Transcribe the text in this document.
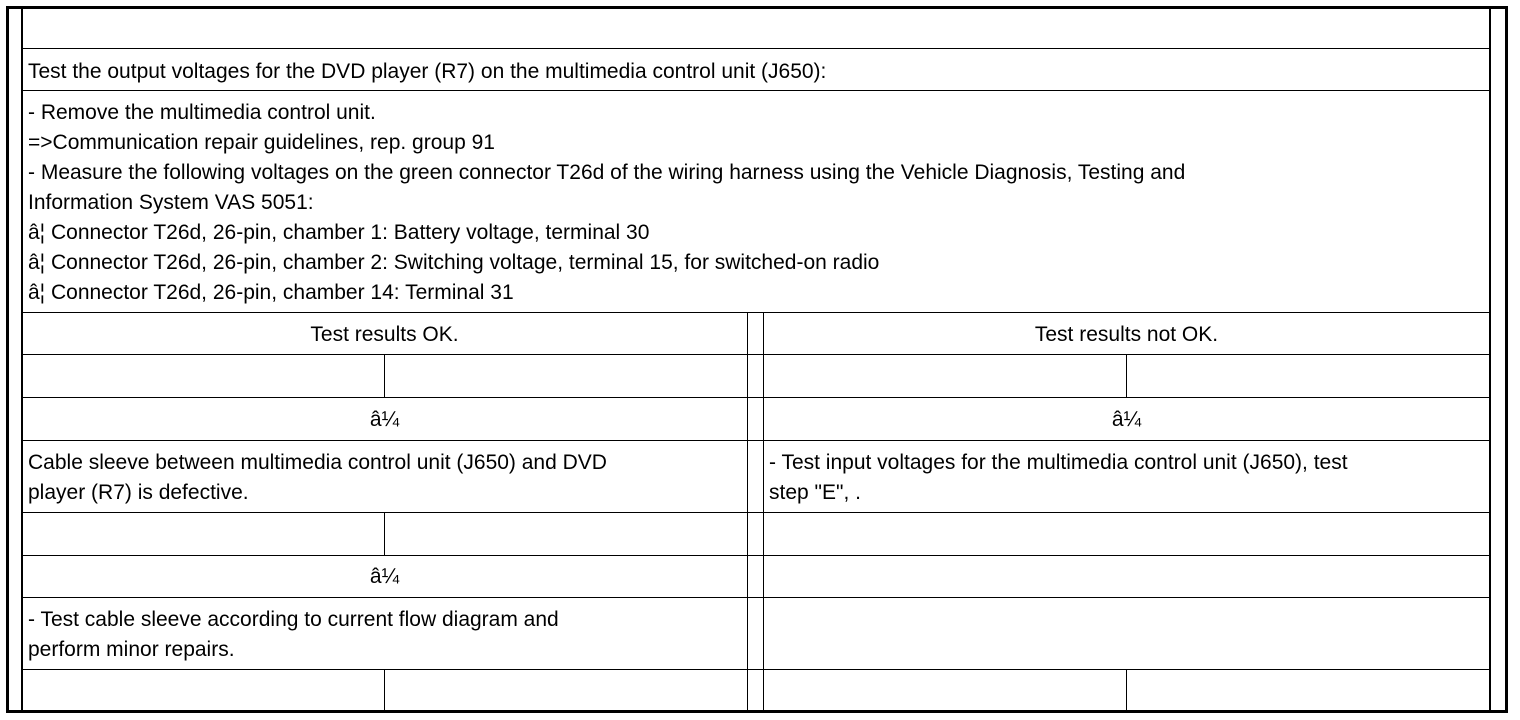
Test the output voltages for the DVD player (R7) on the multimedia control unit (J650):
- Remove the multimedia control unit.
=>Communication repair guidelines, rep. group 91
- Measure the following voltages on the green connector T26d of the wiring harness using the Vehicle Diagnosis, Testing and
Information System VAS 5051:
â¦ Connector T26d, 26-pin, chamber 1: Battery voltage, terminal 30
â¦ Connector T26d, 26-pin, chamber 2: Switching voltage, terminal 15, for switched-on radio
â¦ Connector T26d, 26-pin, chamber 14: Terminal 31
Test results OK.
â¼
Cable sleeve between multimedia control unit (J650) and DVD
player (R7) is defective.
â¼
- Test cable sleeve according to current flow diagram and
perform minor repairs.
Test results not OK.
â¼
- Test input voltages for the multimedia control unit (J650), test
step "E", .
